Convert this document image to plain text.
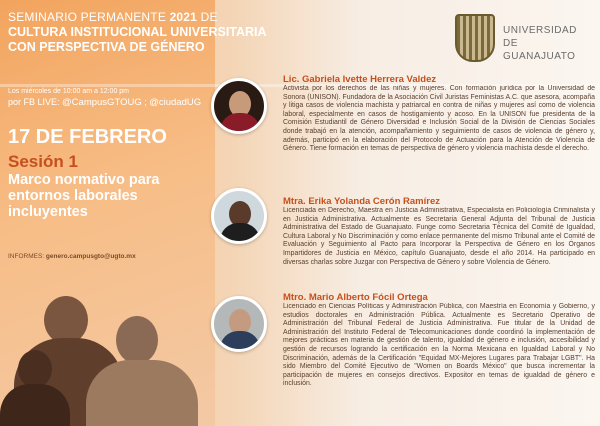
SEMINARIO PERMANENTE 2021 DE
CULTURA INSTITUCIONAL UNIVERSITARIA
CON PERSPECTIVA DE GÉNERO
UNIVERSIDAD DE
GUANAJUATO
Los miércoles de 10:00 am a 12:00 pm
por FB LIVE: @CampusGTOUG ; @ciudadUG
17 DE FEBRERO
Sesión 1
Marco normativo para entornos laborales incluyentes
INFORMES: genero.campusgto@ugto.mx
Lic. Gabriela Ivette Herrera Valdez
Activista por los derechos de las niñas y mujeres. Con formación jurídica por la Universidad de Sonora (UNISON). Fundadora de la Asociación Civil Juristas Feministas A.C. que asesora, acompaña y litiga casos de violencia machista y patriarcal en contra de niñas y mujeres así como de violencia laboral, especialmente en casos de hostigamiento y acoso. En la UNISON fue presidenta de la Comisión Estudiantil de Género Diversidad e Inclusión Social de la División de Ciencias Sociales donde trabajó en la atención, acompañamiento y seguimiento de casos de violencia de género y, además, participó en la elaboración del Protocolo de Actuación para la Atención de Violencia de Género. Tiene formación en temas de perspectiva de género y violencia machista desde el derecho.
Mtra. Erika Yolanda Cerón Ramírez
Licenciada en Derecho, Maestra en Justicia Administrativa, Especialista en Policiología Criminalista y en Justicia Administrativa. Actualmente es Secretaria General Adjunta del Tribunal de Justicia Administrativa del Estado de Guanajuato. Funge como Secretaria Técnica del Comité de Igualdad, Cultura Laboral y No Discriminación y como enlace permanente del mismo Tribunal ante el Comité de Evaluación y Seguimiento al Pacto para Incorporar la Perspectiva de Género en los Órganos Impartidores de Justicia en México, capítulo Guanajuato, desde el año 2014. Ha participado en diversas charlas sobre Juzgar con Perspectiva de Género y sobre Violencia de Género.
Mtro. Mario Alberto Fócil Ortega
Licenciado en Ciencias Políticas y Administración Pública, con Maestría en Economía y Gobierno, y estudios doctorales en Administración Pública. Actualmente es Secretario Operativo de Administración del Tribunal Federal de Justicia Administrativa. Fue titular de la Unidad de Administración del Instituto Federal de Telecomunicaciones donde coordinó la implementación de mejores prácticas en materia de gestión de talento, igualdad de género e inclusión, accesibilidad y gestión de recursos logrando la certificación en la Norma Mexicana en Igualdad Laboral y No Discriminación, además de la Certificación "Equidad MX-Mejores Lugares para Trabajar LGBT". Ha sido Miembro del Comité Ejecutivo de "Women on Boards México" que busca incrementar la participación de mujeres en consejos directivos. Expositor en temas de igualdad de género e inclusión.
